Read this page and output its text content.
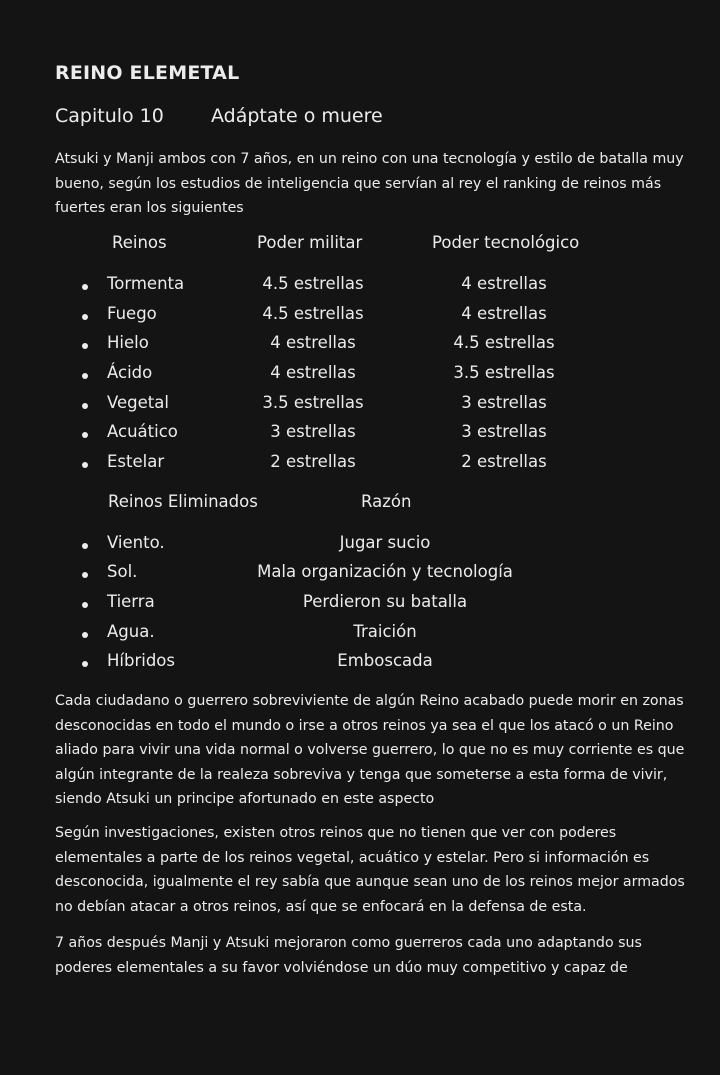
REINO ELEMETAL
Capitulo 10 Adáptate o muere

Atsuki y Manji ambos con 7 años, en un reino con una tecnología y estilo de batalla muy bueno, según los estudios de inteligencia que servían al rey el ranking de reinos más fuertes eran los siguientes

Reinos	Poder militar	Poder tecnológico
Tormenta	4.5 estrellas	4 estrellas
Fuego	4.5 estrellas	4 estrellas
Hielo	4 estrellas	4.5 estrellas
Ácido	4 estrellas	3.5 estrellas
Vegetal	3.5 estrellas	3 estrellas
Acuático	3 estrellas	3 estrellas
Estelar	2 estrellas	2 estrellas
Reinos Eliminados	Razón
Viento.	Jugar sucio
Sol.	Mala organización y tecnología
Tierra	Perdieron su batalla
Agua.	Traición
Híbridos	Emboscada

Cada ciudadano o guerrero sobreviviente de algún Reino acabado puede morir en zonas desconocidas en todo el mundo o irse a otros reinos ya sea el que los atacó o un Reino aliado para vivir una vida normal o volverse guerrero, lo que no es muy corriente es que algún integrante de la realeza sobreviva y tenga que someterse a esta forma de vivir, siendo Atsuki un principe afortunado en este aspecto

Según investigaciones, existen otros reinos que no tienen que ver con poderes elementales a parte de los reinos vegetal, acuático y estelar. Pero si información es desconocida, igualmente el rey sabía que aunque sean uno de los reinos mejor armados no debían atacar a otros reinos, así que se enfocará en la defensa de esta.

7 años después Manji y Atsuki mejoraron como guerreros cada uno adaptando sus poderes elementales a su favor volviéndose un dúo muy competitivo y capaz de
